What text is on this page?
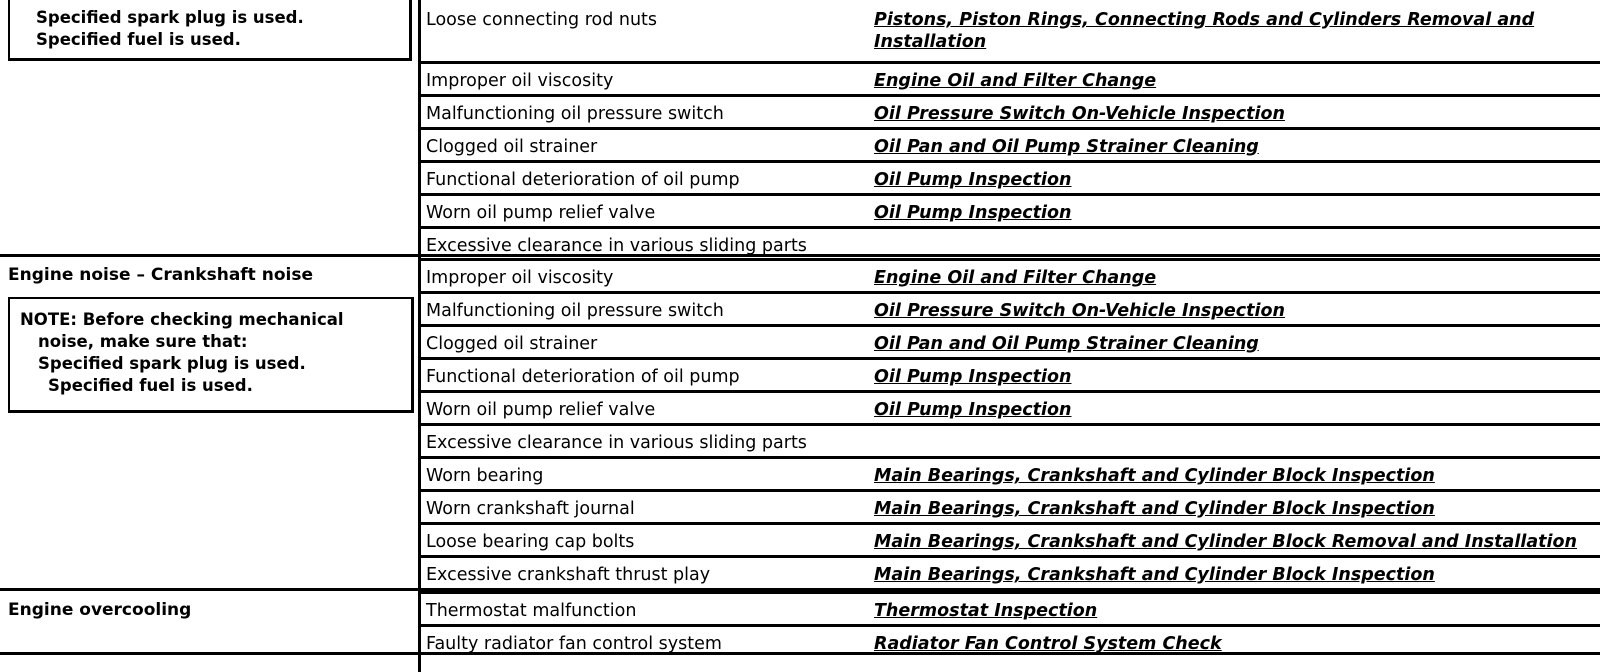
Specified spark plug is used.
Specified fuel is used.
Engine noise – Crankshaft noise
NOTE: Before checking mechanical
noise, make sure that:
Specified spark plug is used.
Specified fuel is used.
Engine overcooling
Loose connecting rod nuts	Pistons, Piston Rings, Connecting Rods and Cylinders Removal and
Installation
Improper oil viscosity	Engine Oil and Filter Change
Malfunctioning oil pressure switch	Oil Pressure Switch On-Vehicle Inspection
Clogged oil strainer	Oil Pan and Oil Pump Strainer Cleaning
Functional deterioration of oil pump	Oil Pump Inspection
Worn oil pump relief valve	Oil Pump Inspection
Excessive clearance in various sliding parts
Improper oil viscosity	Engine Oil and Filter Change
Malfunctioning oil pressure switch	Oil Pressure Switch On-Vehicle Inspection
Clogged oil strainer	Oil Pan and Oil Pump Strainer Cleaning
Functional deterioration of oil pump	Oil Pump Inspection
Worn oil pump relief valve	Oil Pump Inspection
Excessive clearance in various sliding parts
Worn bearing	Main Bearings, Crankshaft and Cylinder Block Inspection
Worn crankshaft journal	Main Bearings, Crankshaft and Cylinder Block Inspection
Loose bearing cap bolts	Main Bearings, Crankshaft and Cylinder Block Removal and Installation
Excessive crankshaft thrust play	Main Bearings, Crankshaft and Cylinder Block Inspection
Thermostat malfunction	Thermostat Inspection
Faulty radiator fan control system	Radiator Fan Control System Check
